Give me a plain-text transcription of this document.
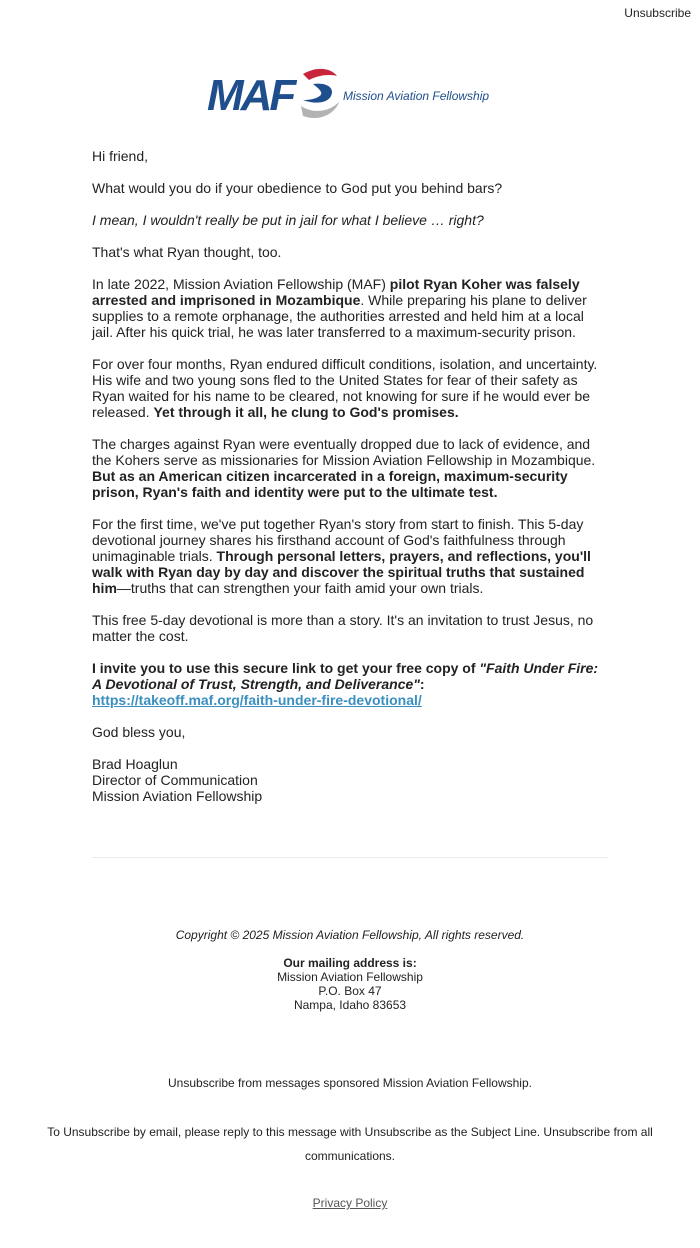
Unsubscribe
MAF	Mission Aviation Fellowship

Hi friend,

What would you do if your obedience to God put you behind bars?

I mean, I wouldn't really be put in jail for what I believe … right?

That's what Ryan thought, too.

In late 2022, Mission Aviation Fellowship (MAF) pilot Ryan Koher was falsely arrested and imprisoned in Mozambique. While preparing his plane to deliver supplies to a remote orphanage, the authorities arrested and held him at a local jail. After his quick trial, he was later transferred to a maximum-security prison.

For over four months, Ryan endured difficult conditions, isolation, and uncertainty. His wife and two young sons fled to the United States for fear of their safety as Ryan waited for his name to be cleared, not knowing for sure if he would ever be released. Yet through it all, he clung to God's promises.

The charges against Ryan were eventually dropped due to lack of evidence, and the Kohers serve as missionaries for Mission Aviation Fellowship in Mozambique. But as an American citizen incarcerated in a foreign, maximum-security prison, Ryan's faith and identity were put to the ultimate test.

For the first time, we've put together Ryan's story from start to finish. This 5-day devotional journey shares his firsthand account of God's faithfulness through unimaginable trials. Through personal letters, prayers, and reflections, you'll walk with Ryan day by day and discover the spiritual truths that sustained him—truths that can strengthen your faith amid your own trials.

This free 5-day devotional is more than a story. It's an invitation to trust Jesus, no matter the cost.

I invite you to use this secure link to get your free copy of "Faith Under Fire: A Devotional of Trust, Strength, and Deliverance": https://takeoff.maf.org/faith-under-fire-devotional/

God bless you,

Brad Hoaglun
Director of Communication
Mission Aviation Fellowship

Copyright © 2025 Mission Aviation Fellowship, All rights reserved.
Our mailing address is:
Mission Aviation Fellowship
P.O. Box 47
Nampa, Idaho 83653
Unsubscribe from messages sponsored Mission Aviation Fellowship.
To Unsubscribe by email, please reply to this message with Unsubscribe as the Subject Line. Unsubscribe from all communications.
Privacy Policy
